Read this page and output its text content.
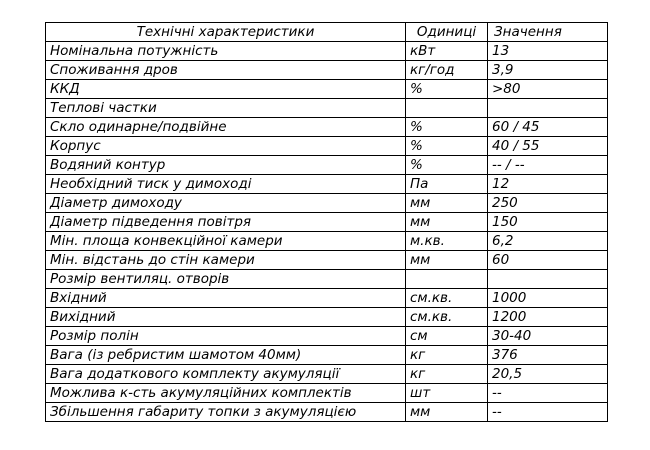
Технічні характеристики	Одиниці	Значення
Номінальна потужність	кВт	13
Споживання дров	кг/год	3,9
ККД	%	>80
Теплові частки		
Скло одинарне/подвійне	%	60 / 45
Корпус	%	40 / 55
Водяний контур	%	-- / --
Необхідний тиск у димоході	Па	12
Діаметр димоходу	мм	250
Діаметр підведення повітря	мм	150
Мін. площа конвекційної камери	м.кв.	6,2
Мін. відстань до стін камери	мм	60
Розмір вентиляц. отворів		
Вхідний	см.кв.	1000
Вихідний	см.кв.	1200
Розмір полін	см	30-40
Вага (із ребристим шамотом 40мм)	кг	376
Вага додаткового комплекту акумуляції	кг	20,5
Можлива к-сть акумуляційних комплектів	шт	--
Збільшення габариту топки з акумуляцією	мм	--
